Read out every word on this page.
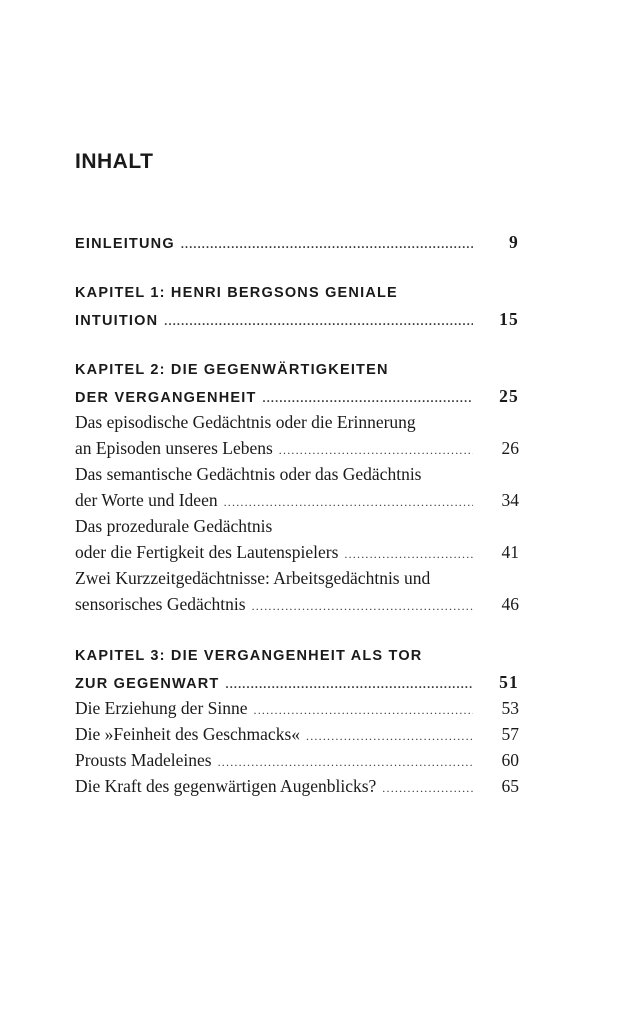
INHALT
EINLEITUNG .....	9
KAPITEL 1: HENRI BERGSONS GENIALE
INTUITION .....	15
KAPITEL 2: DIE GEGENWÄRTIGKEITEN
DER VERGANGENHEIT .....	25
Das episodische Gedächtnis oder die Erinnerung
an Episoden unseres Lebens .....	26
Das semantische Gedächtnis oder das Gedächtnis
der Worte und Ideen .....	34
Das prozedurale Gedächtnis
oder die Fertigkeit des Lautenspielers .....	41
Zwei Kurzzeitgedächtnisse: Arbeitsgedächtnis und
sensorisches Gedächtnis .....	46
KAPITEL 3: DIE VERGANGENHEIT ALS TOR
ZUR GEGENWART .....	51
Die Erziehung der Sinne .....	53
Die »Feinheit des Geschmacks« .....	57
Prousts Madeleines .....	60
Die Kraft des gegenwärtigen Augenblicks? .....	65
